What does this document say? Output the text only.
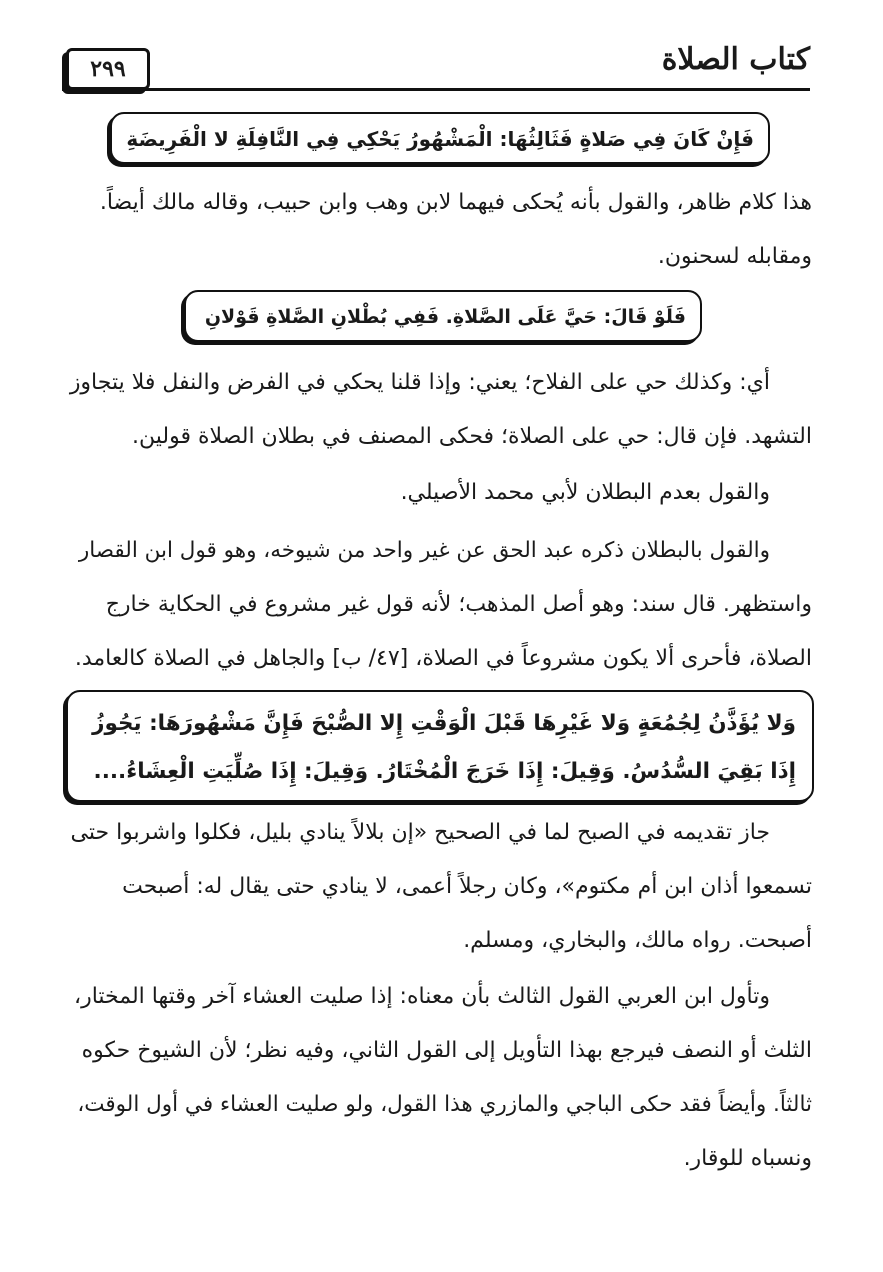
كتاب الصلاة
٢٩٩

فَإِنْ كَانَ فِي صَلاةٍ فَثَالِثُهَا: الْمَشْهُورُ يَحْكِي فِي النَّافِلَةِ لا الْفَرِيضَةِ

هذا كلام ظاهر، والقول بأنه يُحكى فيهما لابن وهب وابن حبيب، وقاله مالك أيضاً.
ومقابله لسحنون.

فَلَوْ قَالَ: حَيَّ عَلَى الصَّلاةِ. فَفِي بُطْلانِ الصَّلاةِ قَوْلانِ

أي: وكذلك حي على الفلاح؛ يعني: وإذا قلنا يحكي في الفرض والنفل فلا يتجاوز
التشهد. فإن قال: حي على الصلاة؛ فحكى المصنف في بطلان الصلاة قولين.
والقول بعدم البطلان لأبي محمد الأصيلي.
والقول بالبطلان ذكره عبد الحق عن غير واحد من شيوخه، وهو قول ابن القصار
واستظهر. قال سند: وهو أصل المذهب؛ لأنه قول غير مشروع في الحكاية خارج
الصلاة، فأحرى ألا يكون مشروعاً في الصلاة، [٤٧/ ب] والجاهل في الصلاة كالعامد.

وَلا يُؤَذَّنُ لِجُمُعَةٍ وَلا غَيْرِهَا قَبْلَ الْوَقْتِ إِلا الصُّبْحَ فَإِنَّ مَشْهُورَهَا: يَجُوزُ

إِذَا بَقِيَ السُّدُسُ. وَقِيلَ: إِذَا خَرَجَ الْمُخْتَارُ. وَقِيلَ: إِذَا صُلِّيَتِ الْعِشَاءُ....

جاز تقديمه في الصبح لما في الصحيح «إن بلالاً ينادي بليل، فكلوا واشربوا حتى
تسمعوا أذان ابن أم مكتوم»، وكان رجلاً أعمى، لا ينادي حتى يقال له: أصبحت
أصبحت. رواه مالك، والبخاري، ومسلم.
وتأول ابن العربي القول الثالث بأن معناه: إذا صليت العشاء آخر وقتها المختار،
الثلث أو النصف فيرجع بهذا التأويل إلى القول الثاني، وفيه نظر؛ لأن الشيوخ حكوه
ثالثاً. وأيضاً فقد حكى الباجي والمازري هذا القول، ولو صليت العشاء في أول الوقت،
ونسباه للوقار.
